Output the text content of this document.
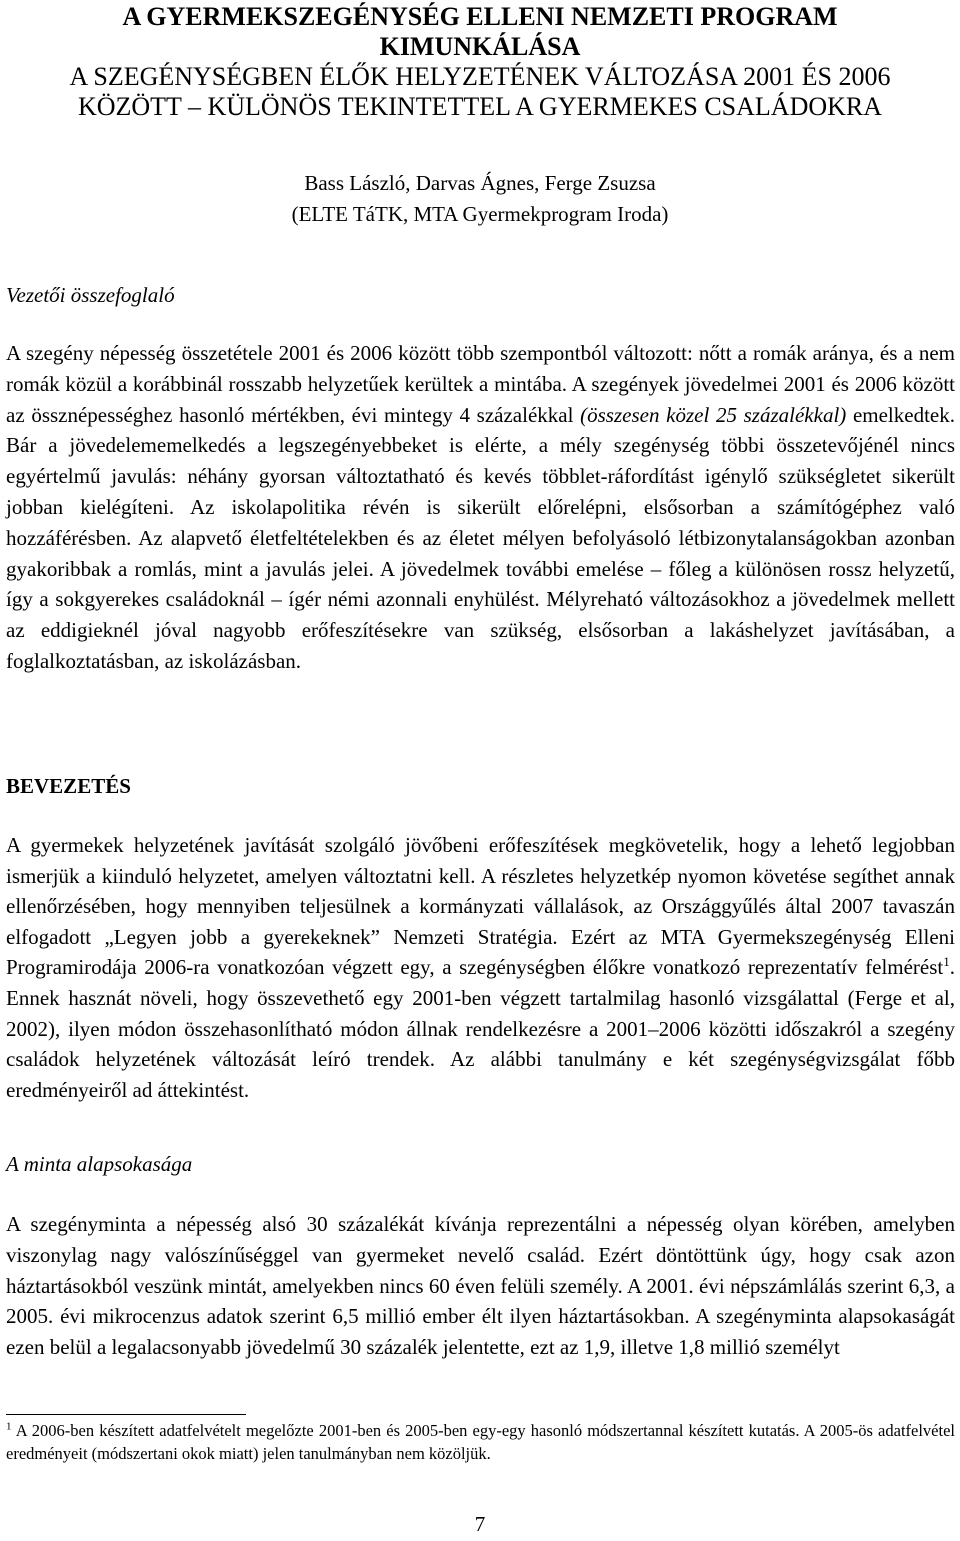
A GYERMEKSZEGÉNYSÉG ELLENI NEMZETI PROGRAM
KIMUNKÁLÁSA
A SZEGÉNYSÉGBEN ÉLŐK HELYZETÉNEK VÁLTOZÁSA 2001 ÉS 2006
KÖZÖTT – KÜLÖNÖS TEKINTETTEL A GYERMEKES CSALÁDOKRA
Bass László, Darvas Ágnes, Ferge Zsuzsa
(ELTE TáTK, MTA Gyermekprogram Iroda)
Vezetői összefoglaló
A szegény népesség összetétele 2001 és 2006 között több szempontból változott: nőtt a romák aránya, és a nem romák közül a korábbinál rosszabb helyzetűek kerültek a mintába. A szegények jövedelmei 2001 és 2006 között az össznépességhez hasonló mértékben, évi mintegy 4 százalékkal (összesen közel 25 százalékkal) emelkedtek. Bár a jövedelememelkedés a legszegényebbeket is elérte, a mély szegénység többi összetevőjénél nincs egyértelmű javulás: néhány gyorsan változtatható és kevés többlet-ráfordítást igénylő szükségletet sikerült jobban kielégíteni. Az iskolapolitika révén is sikerült előrelépni, elsősorban a számítógéphez való hozzáférésben. Az alapvető életfeltételekben és az életet mélyen befolyásoló létbizonytalanságokban azonban gyakoribbak a romlás, mint a javulás jelei. A jövedelmek további emelése – főleg a különösen rossz helyzetű, így a sokgyerekes családoknál – ígér némi azonnali enyhülést. Mélyreható változásokhoz a jövedelmek mellett az eddigieknél jóval nagyobb erőfeszítésekre van szükség, elsősorban a lakáshelyzet javításában, a foglalkoztatásban, az iskolázásban.
BEVEZETÉS
A gyermekek helyzetének javítását szolgáló jövőbeni erőfeszítések megkövetelik, hogy a lehető legjobban ismerjük a kiinduló helyzetet, amelyen változtatni kell. A részletes helyzetkép nyomon követése segíthet annak ellenőrzésében, hogy mennyiben teljesülnek a kormányzati vállalások, az Országgyűlés által 2007 tavaszán elfogadott „Legyen jobb a gyerekeknek” Nemzeti Stratégia. Ezért az MTA Gyermekszegénység Elleni Programirodája 2006-ra vonatkozóan végzett egy, a szegénységben élőkre vonatkozó reprezentatív felmérést$^1$. Ennek hasznát növeli, hogy összevethető egy 2001-ben végzett tartalmilag hasonló vizsgálattal (Ferge et al, 2002), ilyen módon összehasonlítható módon állnak rendelkezésre a 2001–2006 közötti időszakról a szegény családok helyzetének változását leíró trendek. Az alábbi tanulmány e két szegénységvizsgálat főbb eredményeiről ad áttekintést.
A minta alapsokasága
A szegényminta a népesség alsó 30 százalékát kívánja reprezentálni a népesség olyan körében, amelyben viszonylag nagy valószínűséggel van gyermeket nevelő család. Ezért döntöttünk úgy, hogy csak azon háztartásokból veszünk mintát, amelyekben nincs 60 éven felüli személy. A 2001. évi népszámlálás szerint 6,3, a 2005. évi mikrocenzus adatok szerint 6,5 millió ember élt ilyen háztartásokban. A szegényminta alapsokaságát ezen belül a legalacsonyabb jövedelmű 30 százalék jelentette, ezt az 1,9, illetve 1,8 millió személyt
$^1$ A 2006-ben készített adatfelvételt megelőzte 2001-ben és 2005-ben egy-egy hasonló módszertannal készített kutatás. A 2005-ös adatfelvétel eredményeit (módszertani okok miatt) jelen tanulmányban nem közöljük.
7
